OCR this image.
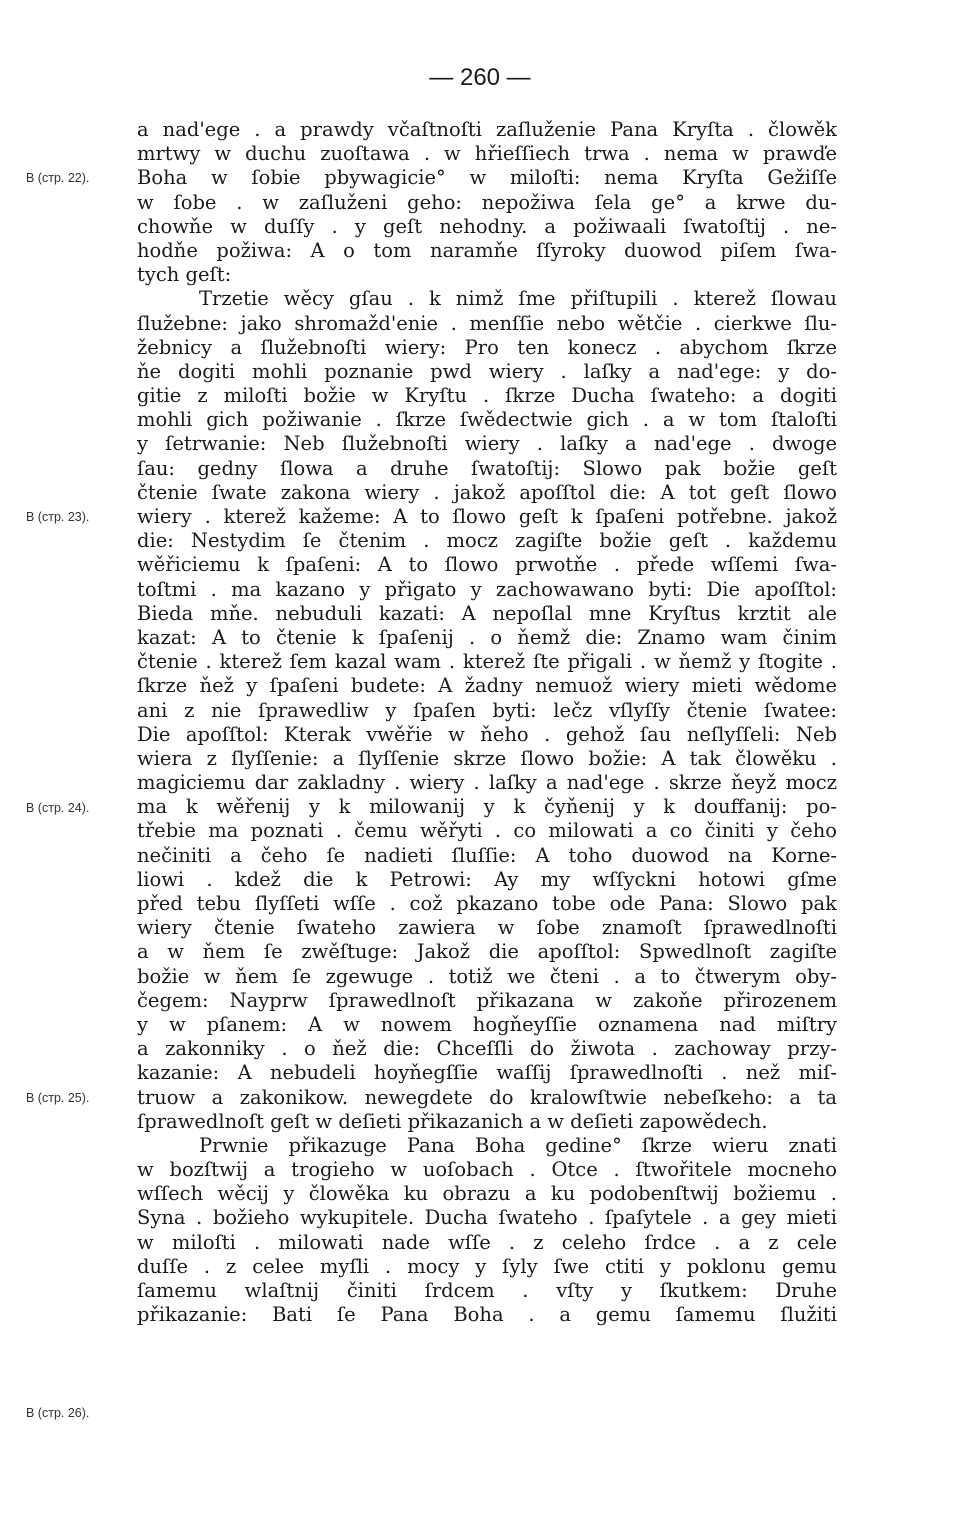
— 260 —
B (стр. 22).
B (стр. 23).
B (стр. 24).
B (стр. 25).
B (стр. 26).
a nad'ege . a prawdy včaſtnoſti zaſluženie Pana Kryſta . člowěk
mrtwy w duchu zuoſtawa . w hřieſſiech trwa . nema w prawďe
Boha w ſobie pbywagicie° w miloſti: nema Kryſta Gežiſſe
w ſobe . w zaſluženi geho: nepožiwa ſela ge° a krwe du-
chowňe w duſſy . y geſt nehodny. a požiwaali ſwatoſtij . ne-
hodňe požiwa: A o tom naramňe ſſyroky duowod piſem ſwa-
tych geſt:
Trzetie wěcy gſau . k nimž ſme přiſtupili . kterež ſlowau
ſlužebne: jako shromažd'enie . menſſie nebo wětčie . cierkwe ſlu-
žebnicy a ſlužebnoſti wiery: Pro ten konecz . abychom ſkrze
ňe dogiti mohli poznanie pwd wiery . laſky a nad'ege: y do-
gitie z miloſti božie w Kryſtu . ſkrze Ducha ſwateho: a dogiti
mohli gich požiwanie . ſkrze ſwědectwie gich . a w tom ſtaloſti
y ſetrwanie: Neb ſlužebnoſti wiery . laſky a nad'ege . dwoge
ſau: gedny ſlowa a druhe ſwatoſtij: Slowo pak božie geſt
čtenie ſwate zakona wiery . jakož apoſſtol die: A tot geſt ſlowo
wiery . kterež kažeme: A to ſlowo geſt k ſpaſeni potřebne. jakož
die: Nestydim ſe čtenim . mocz zagiſte božie geſt . každemu
wěřiciemu k ſpaſeni: A to ſlowo prwotňe . přede wſſemi ſwa-
toſtmi . ma kazano y přigato y zachowawano byti: Die apoſſtol:
Bieda mňe. nebuduli kazati: A nepoſlal mne Kryſtus krztit ale
kazat: A to čtenie k ſpaſenij . o ňemž die: Znamo wam činim
čtenie . kterež ſem kazal wam . kterež ſte přigali . w ňemž y ſtogite .
ſkrze ňež y ſpaſeni budete: A žadny nemuož wiery mieti wědome
ani z nie ſprawedliw y ſpaſen byti: lečz vſlyſſy čtenie ſwatee:
Die apoſſtol: Kterak vwěřie w ňeho . gehož ſau neſlyſſeli: Neb
wiera z ſlyſſenie: a ſlyſſenie skrze ſlowo božie: A tak člowěku .
magiciemu dar zakladny . wiery . laſky a nad'ege . skrze ňeyž mocz
ma k wěřenij y k milowanij y k čyňenij y k douffanij: po-
třebie ma poznati . čemu wěřyti . co milowati a co činiti y čeho
nečiniti a čeho ſe nadieti ſluſſie: A toho duowod na Korne-
liowi . kdež die k Petrowi: Ay my wſſyckni hotowi gſme
před tebu ſlyſſeti wſſe . což pkazano tobe ode Pana: Slowo pak
wiery čtenie ſwateho zawiera w ſobe znamoſt ſprawedlnoſti
a w ňem ſe zwěſtuge: Jakož die apoſſtol: Spwedlnoſt zagiſte
božie w ňem ſe zgewuge . totiž we čteni . a to čtwerym oby-
čegem: Nayprw ſprawedlnoſt přikazana w zakoňe přirozenem
y w pſanem: A w nowem hogňeyſſie oznamena nad miſtry
a zakonniky . o ňež die: Chceſſli do žiwota . zachoway przy-
kazanie: A nebudeli hoyňegſſie waſſij ſprawedlnoſti . než miſ-
truow a zakonikow. newegdete do kralowſtwie nebeſkeho: a ta
ſprawedlnoſt geſt w deſieti přikazanich a w deſieti zapowědech.
Prwnie přikazuge Pana Boha gedine° ſkrze wieru znati
w bozſtwij a trogieho w uoſobach . Otce . ſtwořitele mocneho
wſſech wěcij y člowěka ku obrazu a ku podobenſtwij božiemu .
Syna . božieho wykupitele. Ducha ſwateho . ſpaſytele . a gey mieti
w miloſti . milowati nade wſſe . z celeho ſrdce . a z cele
duſſe . z celee myſli . mocy y ſyly ſwe ctiti y poklonu gemu
ſamemu wlaſtnij činiti ſrdcem . vſty y ſkutkem: Druhe
přikazanie: Bati ſe Pana Boha . a gemu ſamemu ſlužiti
